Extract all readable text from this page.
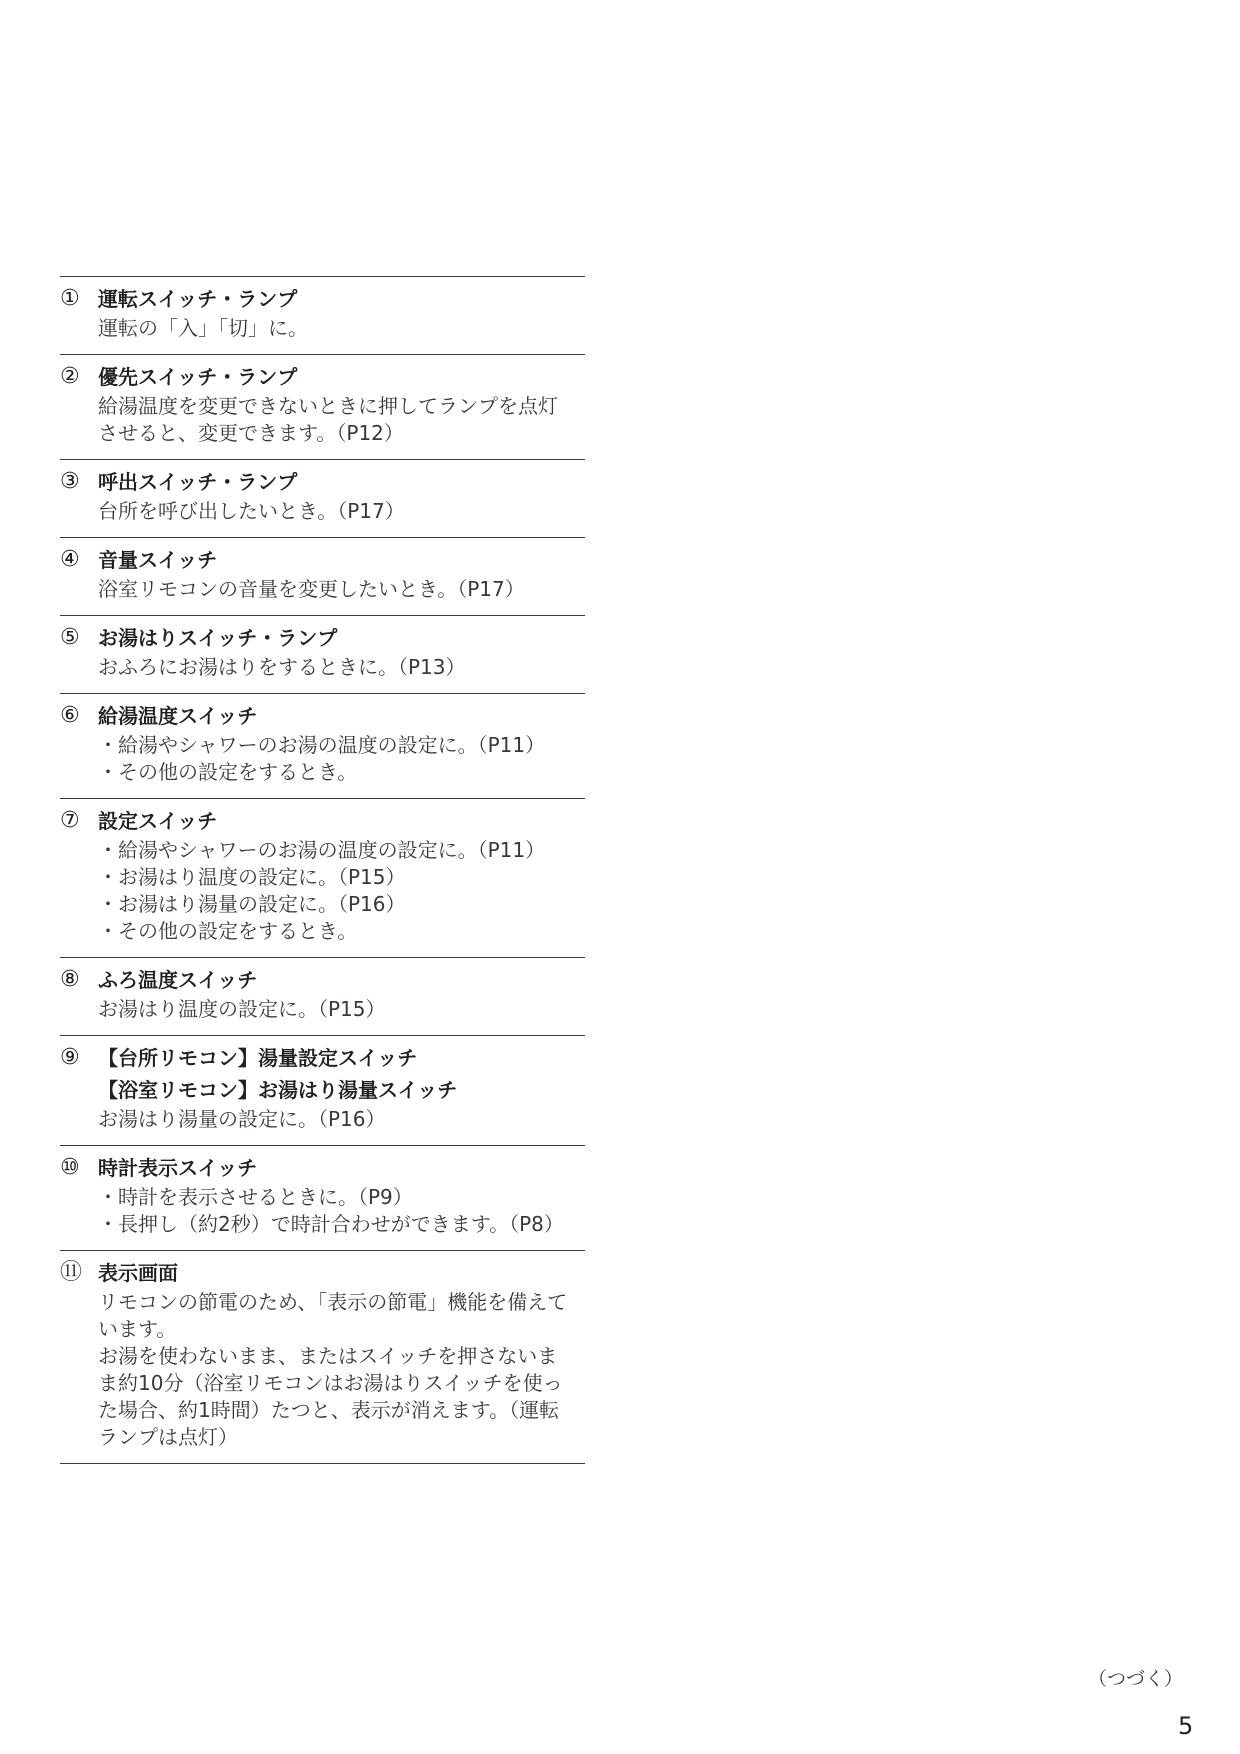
① 運転スイッチ・ランプ
運転の「入」「切」に。
② 優先スイッチ・ランプ
給湯温度を変更できないときに押してランプを点灯
させると、変更できます。（P12）
③ 呼出スイッチ・ランプ
台所を呼び出したいとき。（P17）
④ 音量スイッチ
浴室リモコンの音量を変更したいとき。（P17）
⑤ お湯はりスイッチ・ランプ
おふろにお湯はりをするときに。（P13）
⑥ 給湯温度スイッチ
・給湯やシャワーのお湯の温度の設定に。（P11）
・その他の設定をするとき。
⑦ 設定スイッチ
・給湯やシャワーのお湯の温度の設定に。（P11）
・お湯はり温度の設定に。（P15）
・お湯はり湯量の設定に。（P16）
・その他の設定をするとき。
⑧ ふろ温度スイッチ
お湯はり温度の設定に。（P15）
⑨ 【台所リモコン】湯量設定スイッチ
【浴室リモコン】お湯はり湯量スイッチ
お湯はり湯量の設定に。（P16）
⑩ 時計表示スイッチ
・時計を表示させるときに。（P9）
・長押し（約2秒）で時計合わせができます。（P8）
⑪ 表示画面
リモコンの節電のため、「表示の節電」機能を備えて
います。
お湯を使わないまま、またはスイッチを押さないま
ま約10分（浴室リモコンはお湯はりスイッチを使っ
た場合、約1時間）たつと、表示が消えます。（運転
ランプは点灯）
（つづく）
5
